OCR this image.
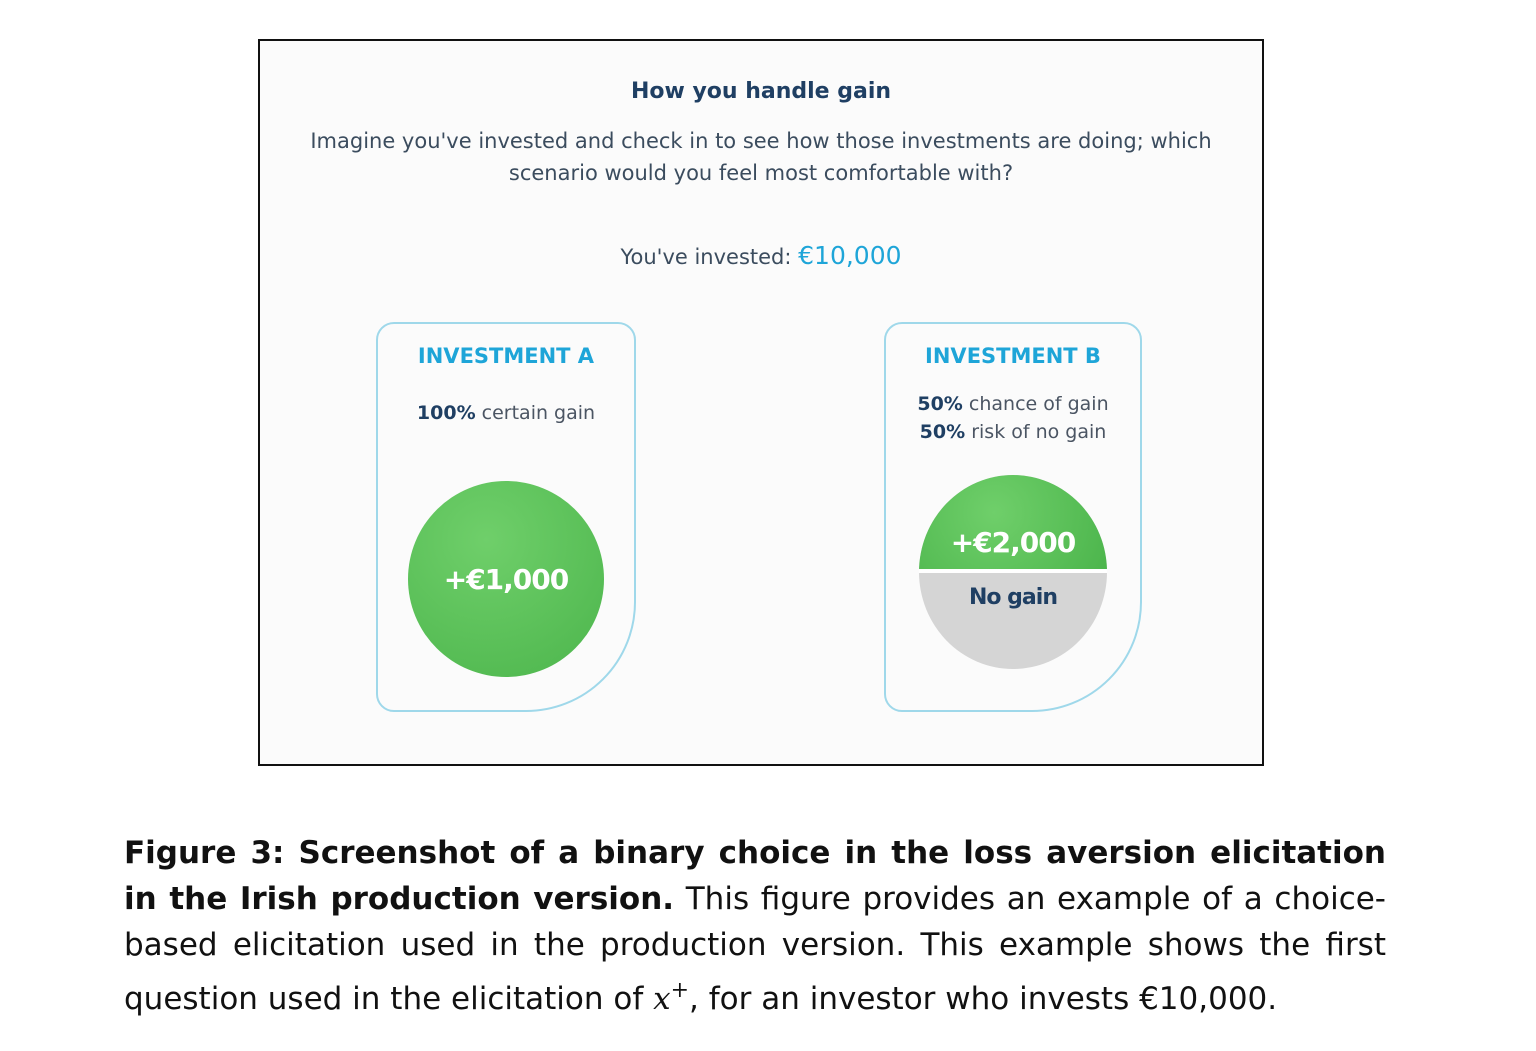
How you handle gain
Imagine you've invested and check in to see how those investments are doing; which
scenario would you feel most comfortable with?
You've invested: €10,000
INVESTMENT A
100% certain gain
+€1,000
INVESTMENT B
50% chance of gain
50% risk of no gain
+€2,000
No gain
Figure 3: Screenshot of a binary choice in the loss aversion elicitation in the Irish production version. This figure provides an example of a choice-based elicitation used in the production version. This example shows the first question used in the elicitation of x+, for an investor who invests €10,000.
